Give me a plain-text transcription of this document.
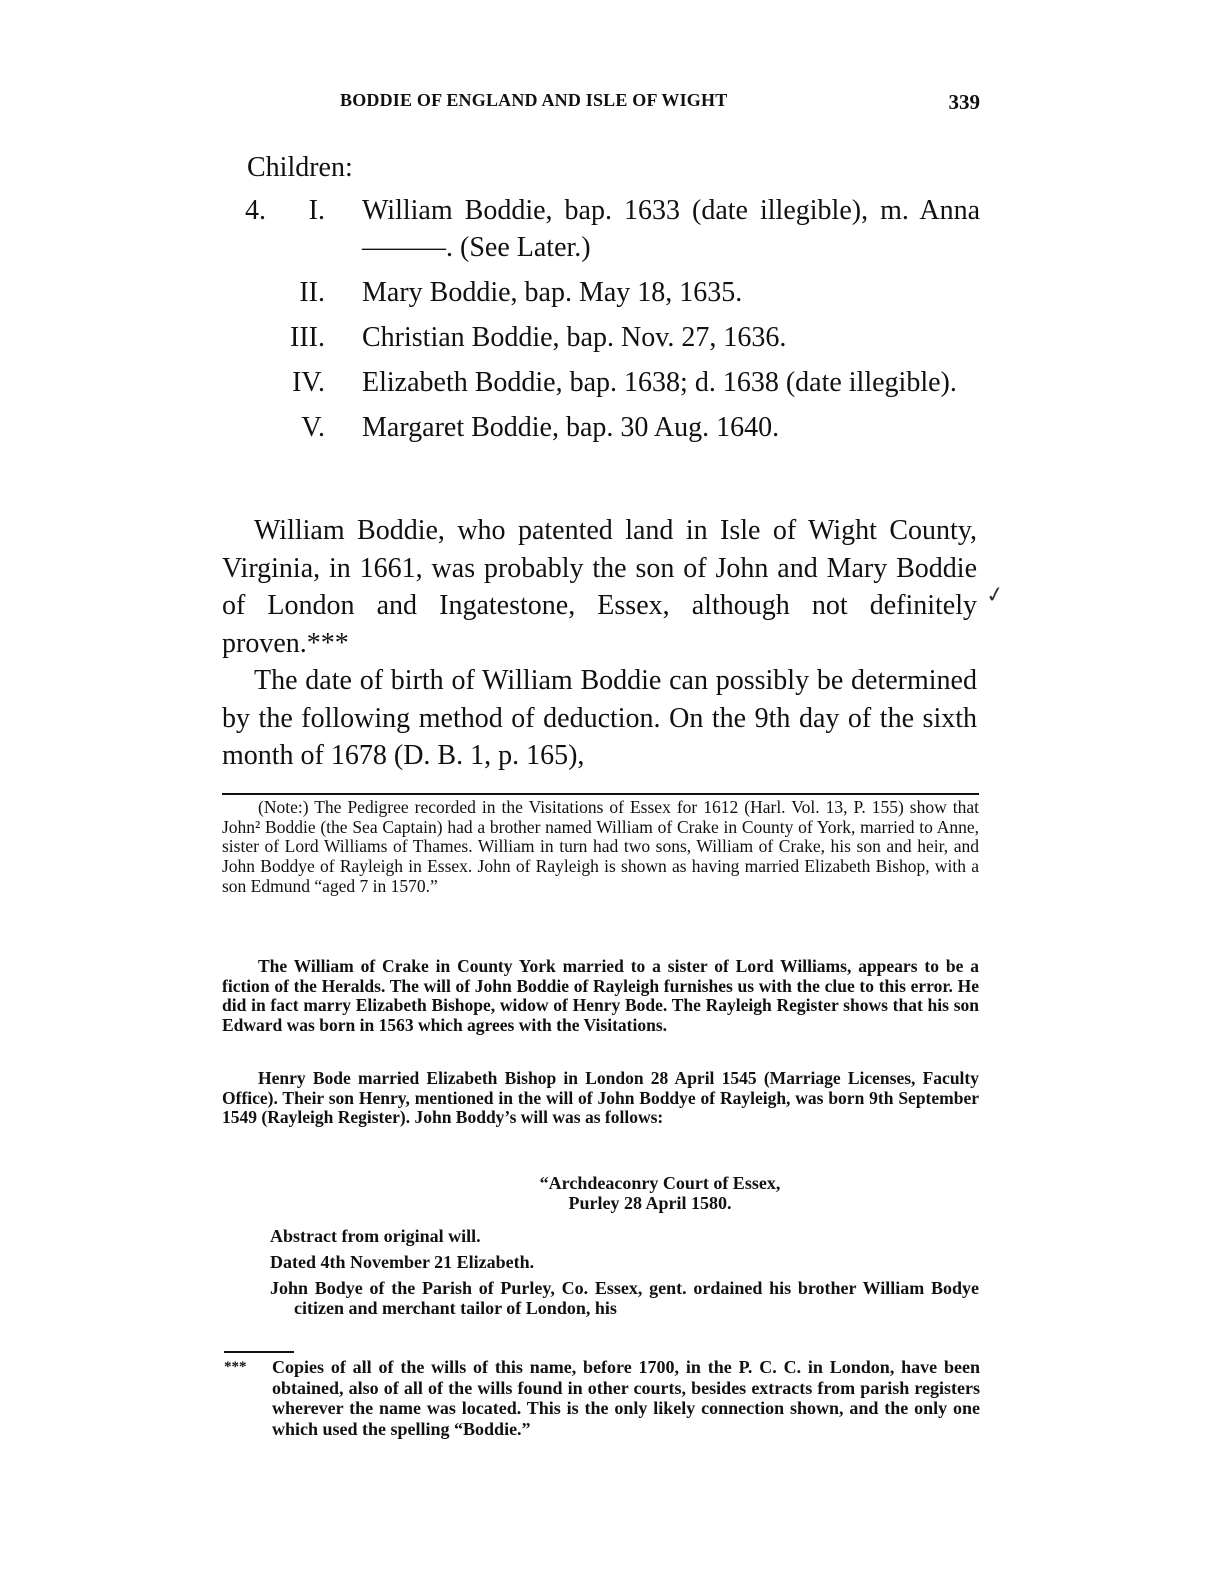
BODDIE OF ENGLAND AND ISLE OF WIGHT	339
Children:
4.	I. William Boddie, bap. 1633 (date illegible), m. Anna ———. (See Later.)
II. Mary Boddie, bap. May 18, 1635.
III. Christian Boddie, bap. Nov. 27, 1636.
IV. Elizabeth Boddie, bap. 1638; d. 1638 (date illegible).
V. Margaret Boddie, bap. 30 Aug. 1640.
William Boddie, who patented land in Isle of Wight County, Virginia, in 1661, was probably the son of John and Mary Boddie of London and Ingatestone, Essex, although not definitely proven.***
✓
The date of birth of William Boddie can possibly be determined by the following method of deduction. On the 9th day of the sixth month of 1678 (D. B. 1, p. 165),

(Note:) The Pedigree recorded in the Visitations of Essex for 1612 (Harl. Vol. 13, P. 155) show that John² Boddie (the Sea Captain) had a brother named William of Crake in County of York, married to Anne, sister of Lord Williams of Thames. William in turn had two sons, William of Crake, his son and heir, and John Boddye of Rayleigh in Essex. John of Rayleigh is shown as having married Elizabeth Bishop, with a son Edmund “aged 7 in 1570.”

The William of Crake in County York married to a sister of Lord Williams, appears to be a fiction of the Heralds. The will of John Boddie of Rayleigh furnishes us with the clue to this error. He did in fact marry Elizabeth Bishope, widow of Henry Bode. The Rayleigh Register shows that his son Edward was born in 1563 which agrees with the Visitations.

Henry Bode married Elizabeth Bishop in London 28 April 1545 (Marriage Licenses, Faculty Office). Their son Henry, mentioned in the will of John Boddye of Rayleigh, was born 9th September 1549 (Rayleigh Register). John Boddy’s will was as follows:

“Archdeaconry Court of Essex,
Purley 28 April 1580.
Abstract from original will.
Dated 4th November 21 Elizabeth.
John Bodye of the Parish of Purley, Co. Essex, gent. ordained his brother William Bodye citizen and merchant tailor of London, his
*** Copies of all of the wills of this name, before 1700, in the P. C. C. in London, have been obtained, also of all of the wills found in other courts, besides extracts from parish registers wherever the name was located. This is the only likely connection shown, and the only one which used the spelling “Boddie.”
